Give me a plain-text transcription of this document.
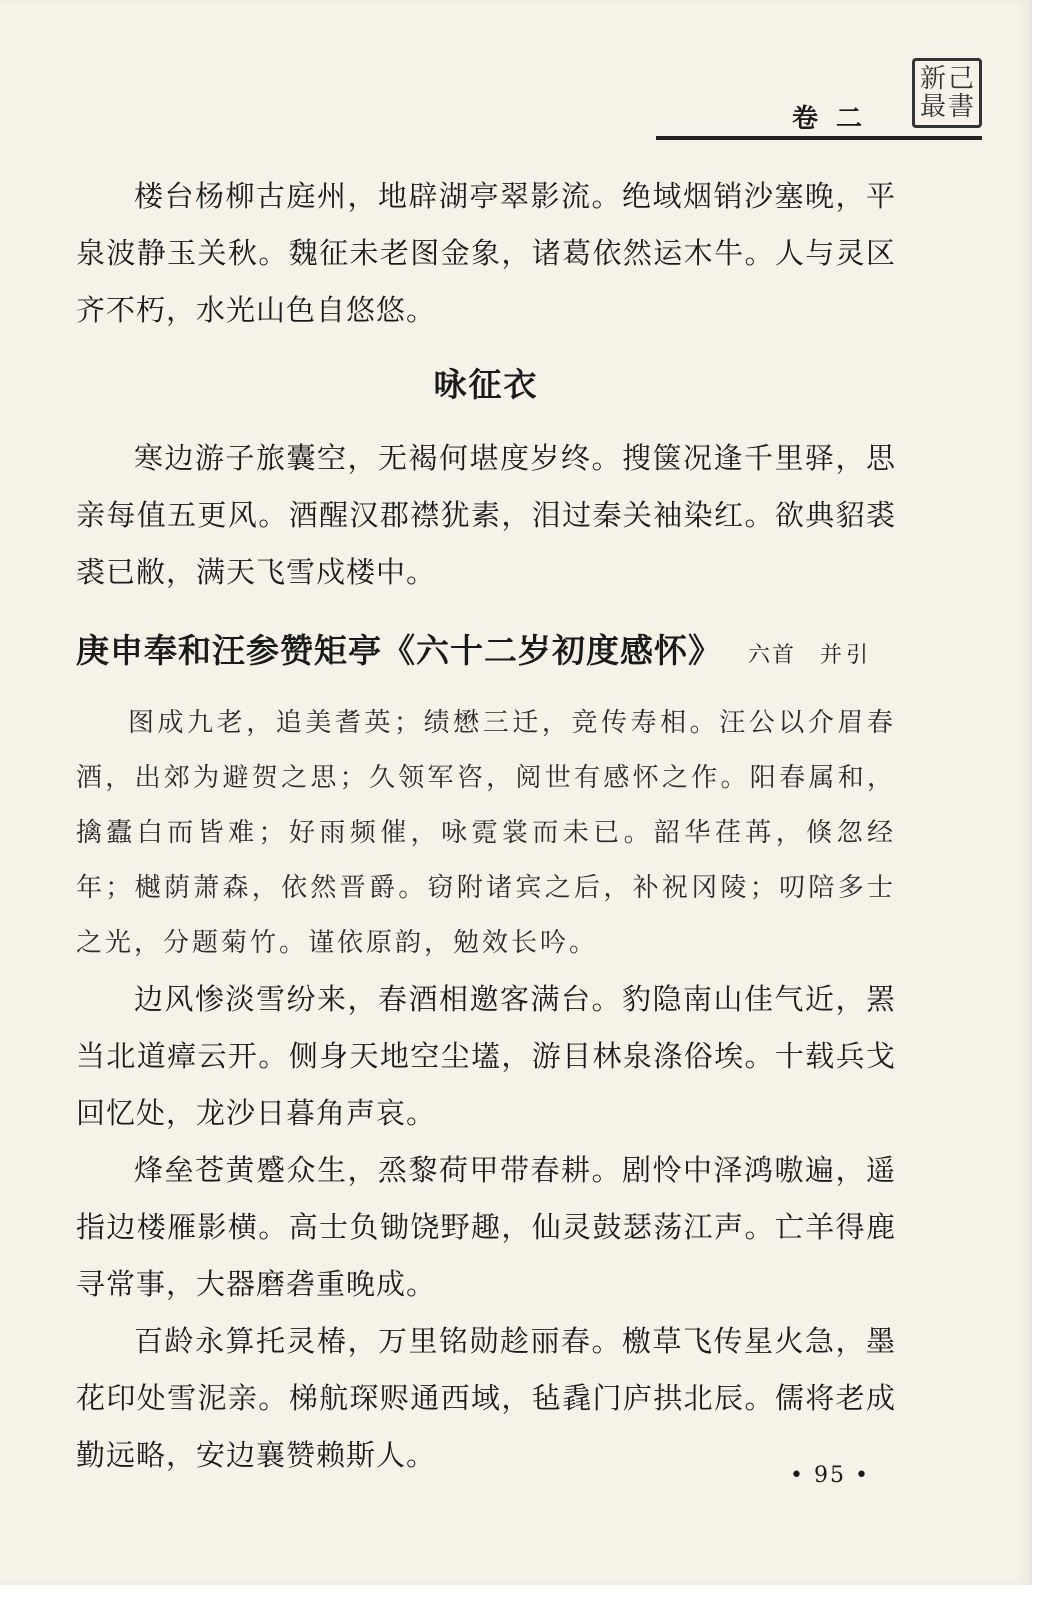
新 己
最 書
卷二

楼台杨柳古庭州，地辟湖亭翠影流。绝域烟销沙塞晚，平泉波静玉关秋。魏征未老图金象，诸葛依然运木牛。人与灵区齐不朽，水光山色自悠悠。

咏征衣

寒边游子旅囊空，无褐何堪度岁终。搜箧况逢千里驿，思亲每值五更风。酒醒汉郡襟犹素，泪过秦关袖染红。欲典貂裘裘已敝，满天飞雪戍楼中。

庚申奉和汪参赞矩亭《六十二岁初度感怀》 六首 并引

图成九老，追美耆英；绩懋三迁，竞传寿相。汪公以介眉春酒，出郊为避贺之思；久领军咨，阅世有感怀之作。阳春属和，擒蠹白而皆难；好雨频催，咏霓裳而未已。韶华荏苒，倏忽经年；樾荫萧森，依然晋爵。窃附诸宾之后，补祝冈陵；叨陪多士之光，分题菊竹。谨依原韵，勉效长吟。

边风惨淡雪纷来，春酒相邀客满台。豹隐南山佳气近，罴当北道瘴云开。侧身天地空尘壒，游目林泉涤俗埃。十载兵戈回忆处，龙沙日暮角声哀。

烽垒苍黄蹙众生，烝黎荷甲带春耕。剧怜中泽鸿嗷遍，遥指边楼雁影横。高士负锄饶野趣，仙灵鼓瑟荡江声。亡羊得鹿寻常事，大器磨砻重晚成。

百龄永算托灵椿，万里铭勋趁丽春。檄草飞传星火急，墨花印处雪泥亲。梯航琛赆通西域，毡毳门庐拱北辰。儒将老成勤远略，安边襄赞赖斯人。

• 95 •
